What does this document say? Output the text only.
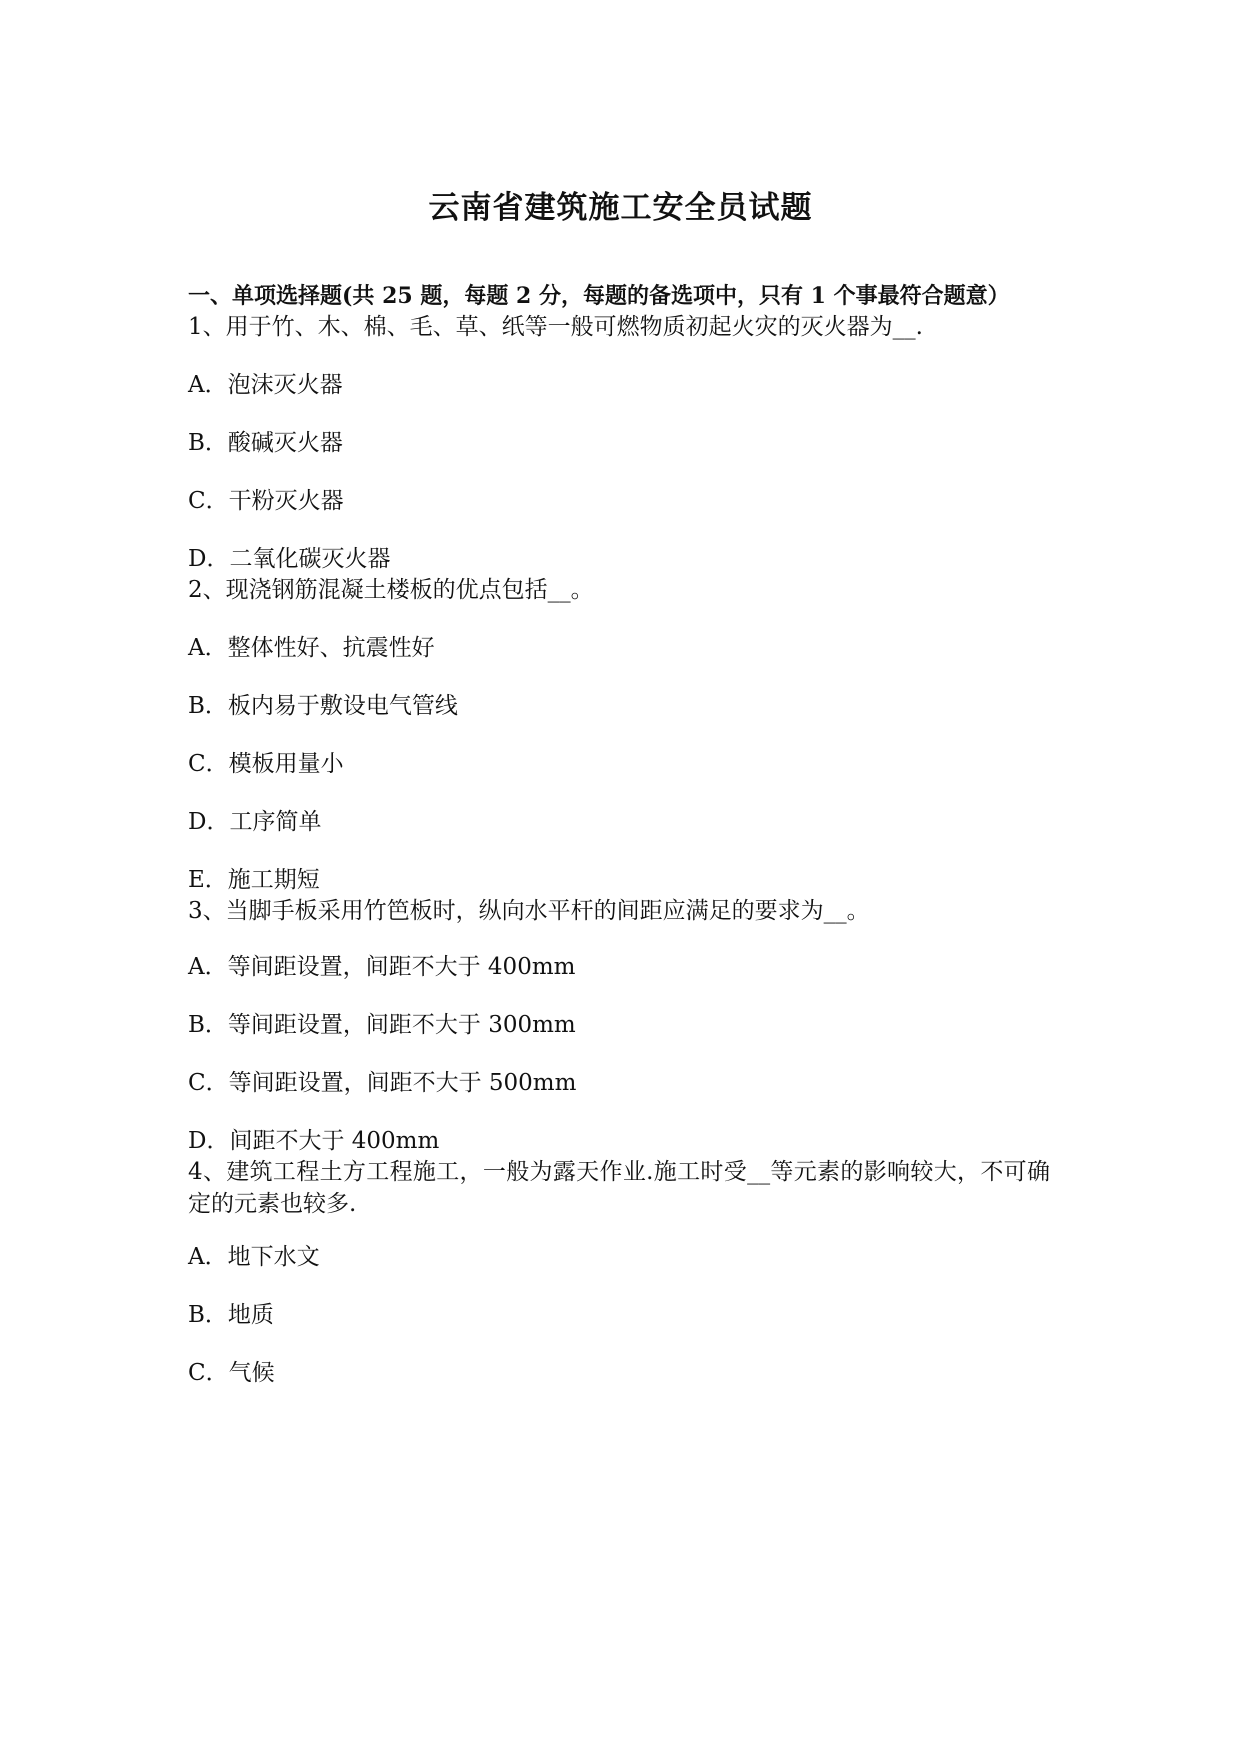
云南省建筑施工安全员试题
一、单项选择题(共 25 题，每题 2 分，每题的备选项中，只有 1 个事最符合题意）
1、用于竹、木、棉、毛、草、纸等一般可燃物质初起火灾的灭火器为__.
A．泡沫灭火器
B．酸碱灭火器
C．干粉灭火器
D．二氧化碳灭火器
2、现浇钢筋混凝土楼板的优点包括__。
A．整体性好、抗震性好
B．板内易于敷设电气管线
C．模板用量小
D．工序简单
E．施工期短
3、当脚手板采用竹笆板时，纵向水平杆的间距应满足的要求为__。
A．等间距设置，间距不大于 400mm
B．等间距设置，间距不大于 300mm
C．等间距设置，间距不大于 500mm
D．间距不大于 400mm
4、建筑工程土方工程施工，一般为露天作业.施工时受__等元素的影响较大，不可确定的元素也较多.
A．地下水文
B．地质
C．气候
